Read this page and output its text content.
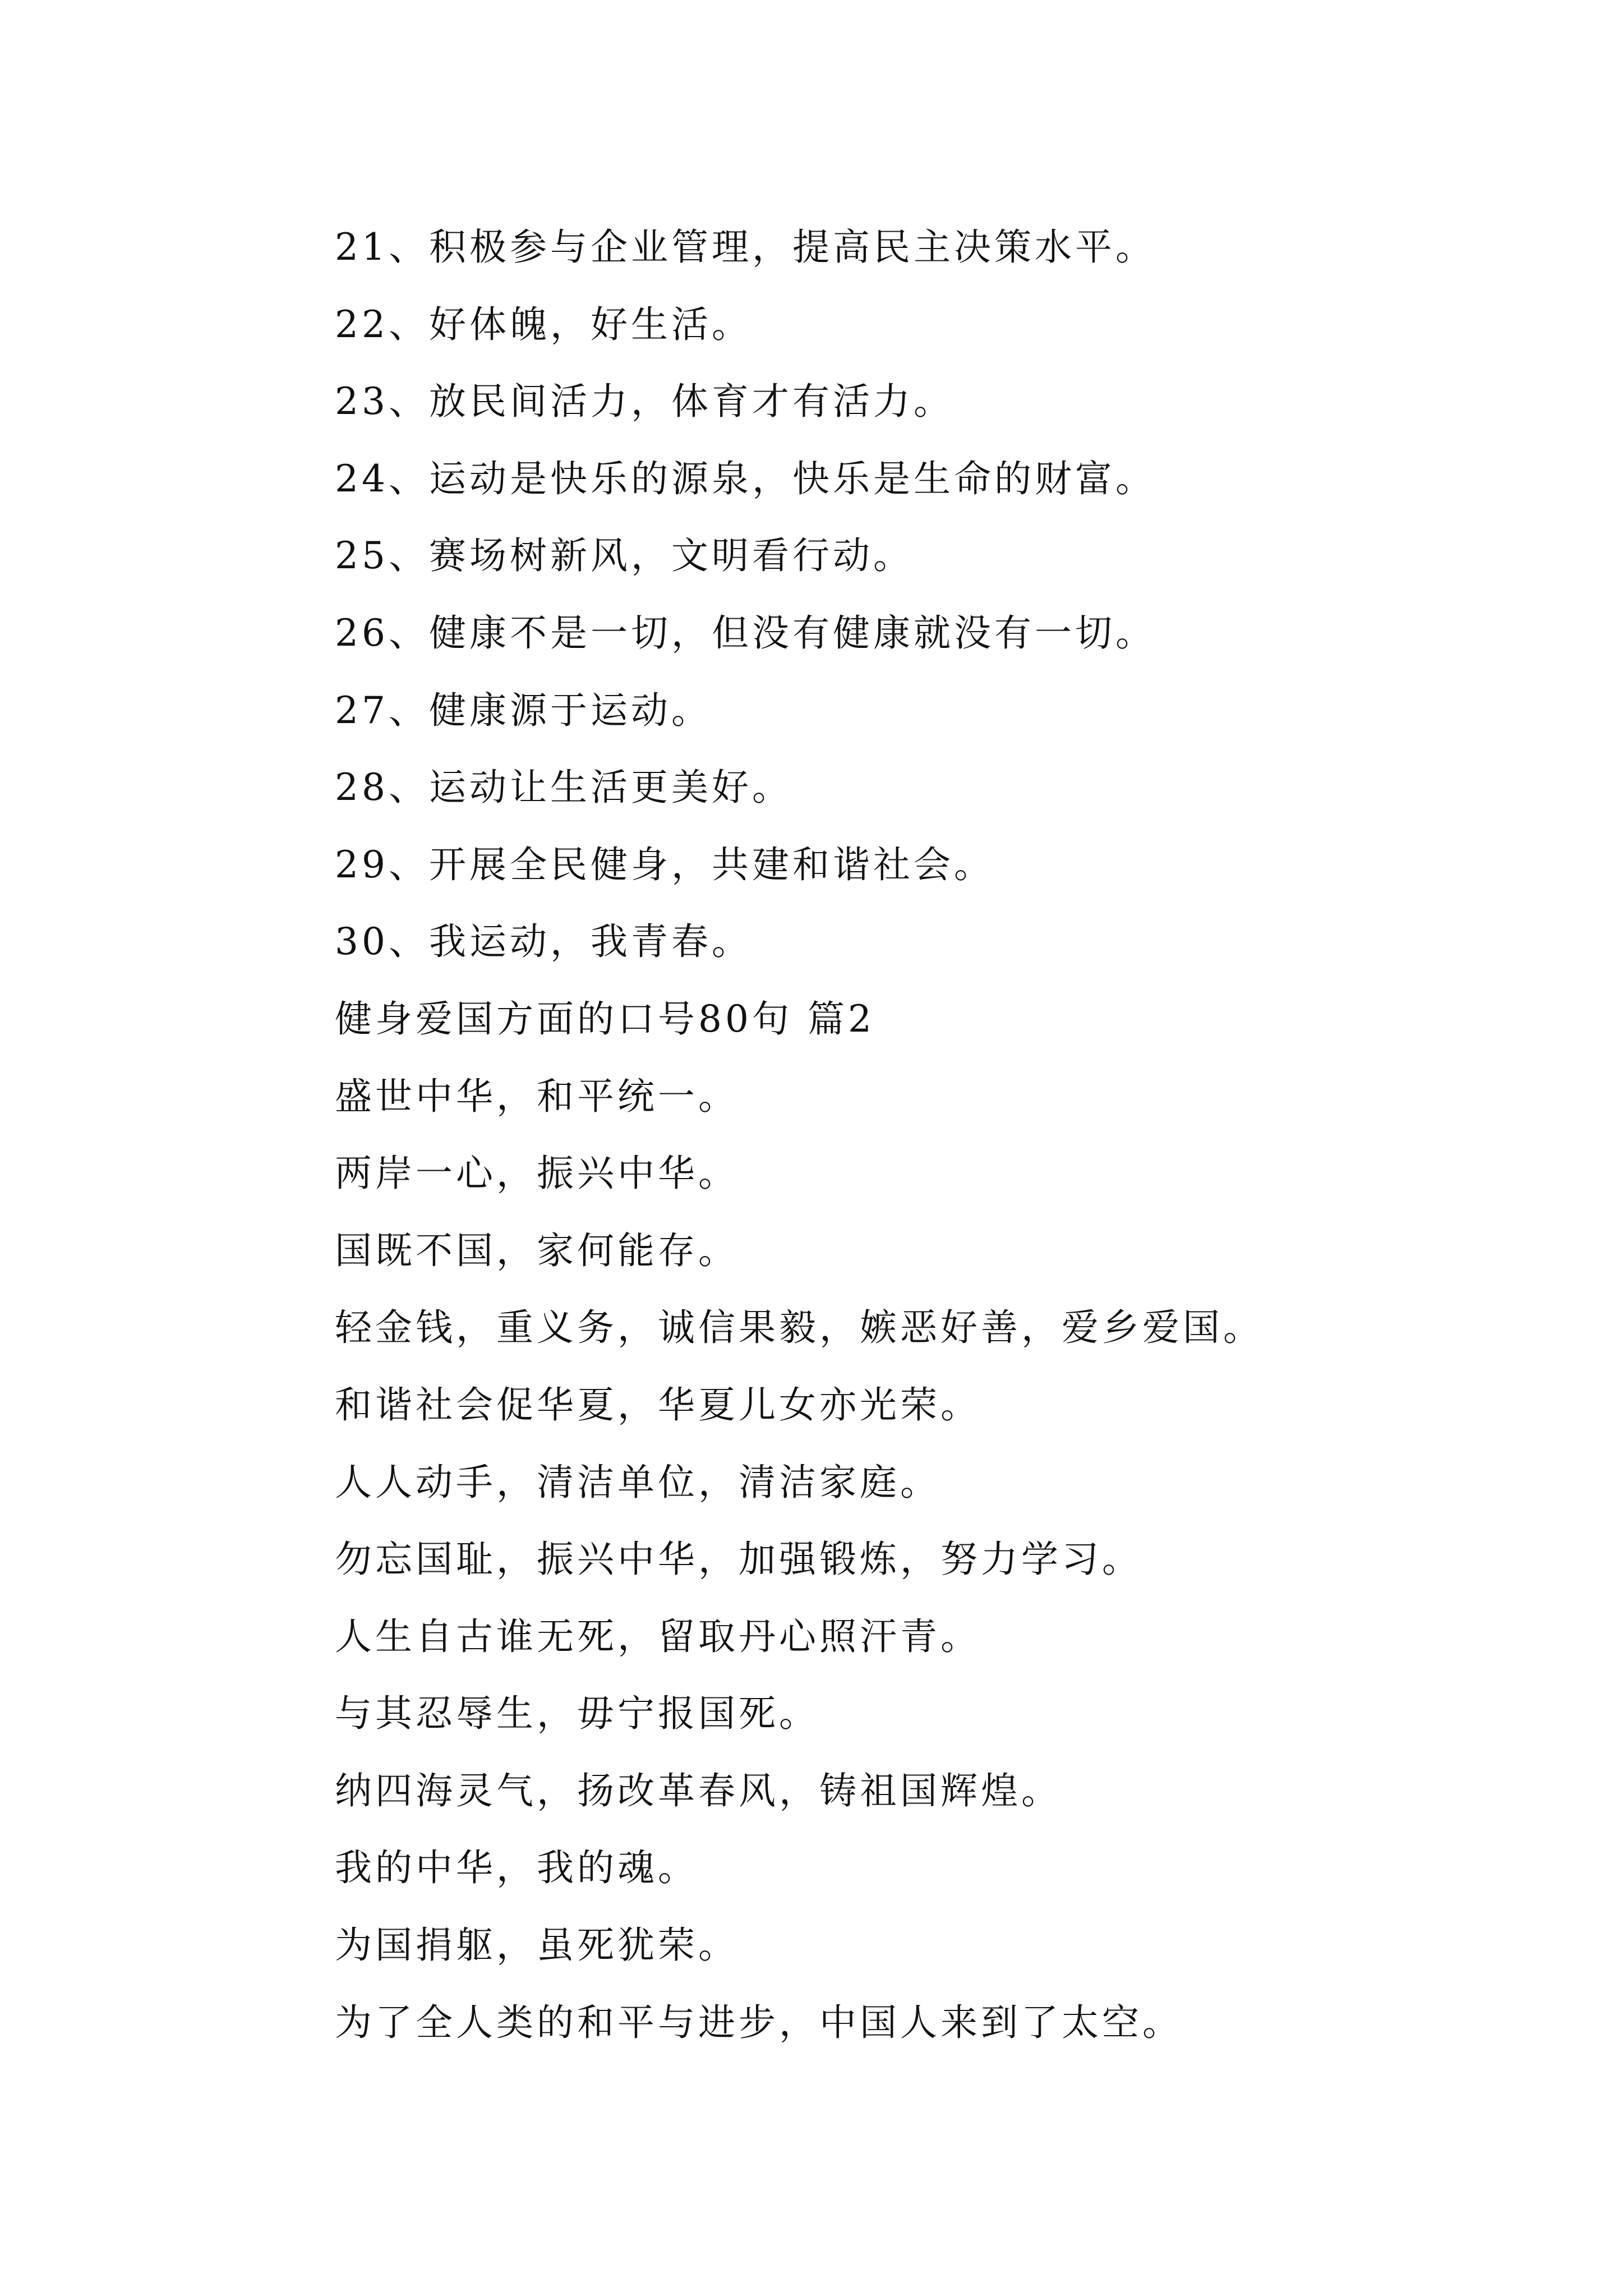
21、积极参与企业管理，提高民主决策水平。
22、好体魄，好生活。
23、放民间活力，体育才有活力。
24、运动是快乐的源泉，快乐是生命的财富。
25、赛场树新风，文明看行动。
26、健康不是一切，但没有健康就没有一切。
27、健康源于运动。
28、运动让生活更美好。
29、开展全民健身，共建和谐社会。
30、我运动，我青春。
健身爱国方面的口号80句 篇2
盛世中华，和平统一。
两岸一心，振兴中华。
国既不国，家何能存。
轻金钱，重义务，诚信果毅，嫉恶好善，爱乡爱国。
和谐社会促华夏，华夏儿女亦光荣。
人人动手，清洁单位，清洁家庭。
勿忘国耻，振兴中华，加强锻炼，努力学习。
人生自古谁无死，留取丹心照汗青。
与其忍辱生，毋宁报国死。
纳四海灵气，扬改革春风，铸祖国辉煌。
我的中华，我的魂。
为国捐躯，虽死犹荣。
为了全人类的和平与进步，中国人来到了太空。
